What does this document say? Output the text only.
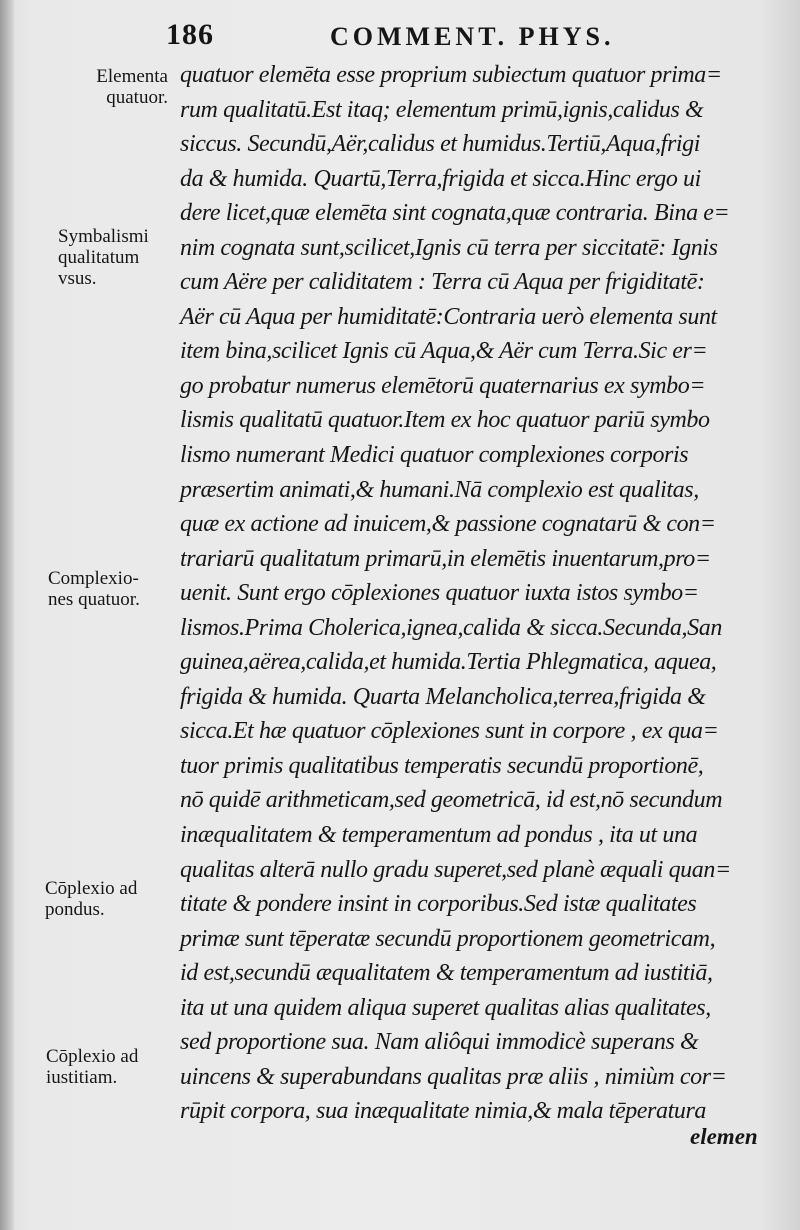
186	COMMENT. PHYS.
Elementa
quatuor.
Symbalismi
qualitatum
vsus.
Complexio-
nes quatuor.
Cōplexio ad
pondus.
Cōplexio ad
iustitiam.
quatuor elemēta esse proprium subiectum quatuor prima=
rum qualitatū.Est itaq; elementum primū,ignis,calidus &
siccus. Secundū,Aër,calidus et humidus.Tertiū,Aqua,frigi
da & humida. Quartū,Terra,frigida et sicca.Hinc ergo ui
dere licet,quæ elemēta sint cognata,quæ contraria. Bina e=
nim cognata sunt,scilicet,Ignis cū terra per siccitatē: Ignis
cum Aëre per caliditatem : Terra cū Aqua per frigiditatē:
Aër cū Aqua per humiditatē:Contraria uerò elementa sunt
item bina,scilicet Ignis cū Aqua,& Aër cum Terra.Sic er=
go probatur numerus elemētorū quaternarius ex symbo=
lismis qualitatū quatuor.Item ex hoc quatuor pariū symbo
lismo numerant Medici quatuor complexiones corporis
præsertim animati,& humani.Nā complexio est qualitas,
quæ ex actione ad inuicem,& passione cognatarū & con=
trariarū qualitatum primarū,in elemētis inuentarum,pro=
uenit. Sunt ergo cōplexiones quatuor iuxta istos symbo=
lismos.Prima Cholerica,ignea,calida & sicca.Secunda,San
guinea,aërea,calida,et humida.Tertia Phlegmatica, aquea,
frigida & humida. Quarta Melancholica,terrea,frigida &
sicca.Et hæ quatuor cōplexiones sunt in corpore , ex qua=
tuor primis qualitatibus temperatis secundū proportionē,
nō quidē arithmeticam,sed geometricā, id est,nō secundum
inæqualitatem & temperamentum ad pondus , ita ut una
qualitas alterā nullo gradu superet,sed planè æquali quan=
titate & pondere insint in corporibus.Sed istæ qualitates
primæ sunt tēperatæ secundū proportionem geometricam,
id est,secundū æqualitatem & temperamentum ad iustitiā,
ita ut una quidem aliqua superet qualitas alias qualitates,
sed proportione sua. Nam aliôqui immodicè superans &
uincens & superabundans qualitas præ aliis , nimiùm cor=
rūpit corpora, sua inæqualitate nimia,& mala tēperatura
elemen
